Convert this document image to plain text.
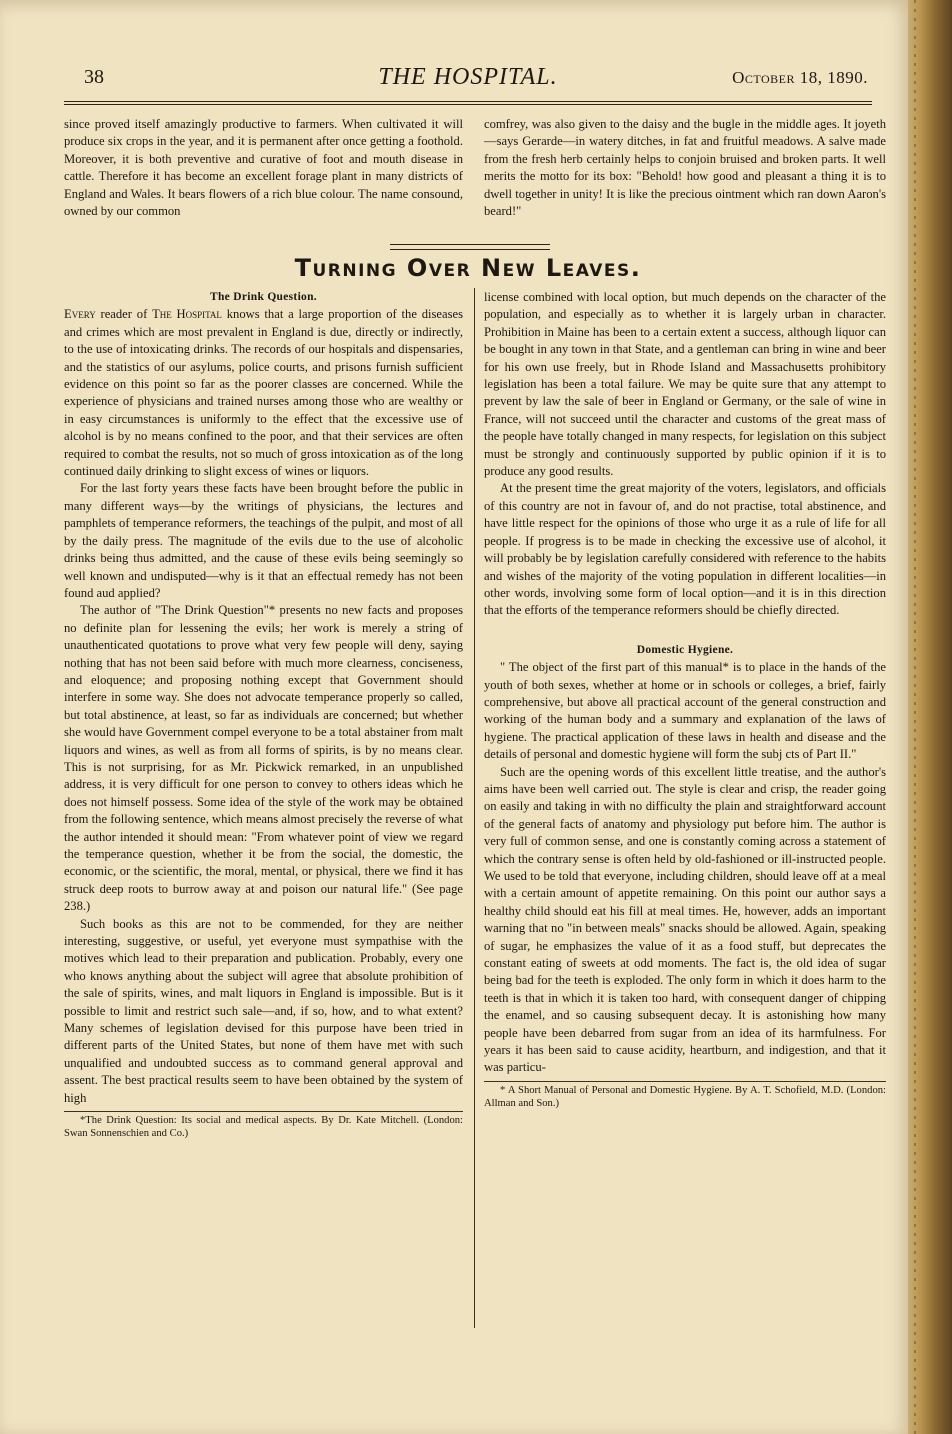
38	THE HOSPITAL.	October 18, 1890.

since proved itself amazingly productive to farmers. When cultivated it will produce six crops in the year, and it is permanent after once getting a foothold. Moreover, it is both preventive and curative of foot and mouth disease in cattle. Therefore it has become an excellent forage plant in many districts of England and Wales. It bears flowers of a rich blue colour. The name consound, owned by our common

comfrey, was also given to the daisy and the bugle in the middle ages. It joyeth—says Gerarde—in watery ditches, in fat and fruitful meadows. A salve made from the fresh herb certainly helps to conjoin bruised and broken parts. It well merits the motto for its box: "Behold! how good and pleasant a thing it is to dwell together in unity! It is like the precious ointment which ran down Aaron's beard!"

Turning Over New Leaves.

The Drink Question.

Every reader of The Hospital knows that a large proportion of the diseases and crimes which are most prevalent in England is due, directly or indirectly, to the use of intoxicating drinks. The records of our hospitals and dispensaries, and the statistics of our asylums, police courts, and prisons furnish sufficient evidence on this point so far as the poorer classes are concerned. While the experience of physicians and trained nurses among those who are wealthy or in easy circumstances is uniformly to the effect that the excessive use of alcohol is by no means confined to the poor, and that their services are often required to combat the results, not so much of gross intoxication as of the long continued daily drinking to slight excess of wines or liquors.

For the last forty years these facts have been brought before the public in many different ways—by the writings of physicians, the lectures and pamphlets of temperance reformers, the teachings of the pulpit, and most of all by the daily press. The magnitude of the evils due to the use of alcoholic drinks being thus admitted, and the cause of these evils being seemingly so well known and undisputed—why is it that an effectual remedy has not been found aud applied?

The author of "The Drink Question"* presents no new facts and proposes no definite plan for lessening the evils; her work is merely a string of unauthenticated quotations to prove what very few people will deny, saying nothing that has not been said before with much more clearness, conciseness, and eloquence; and proposing nothing except that Government should interfere in some way. She does not advocate temperance properly so called, but total abstinence, at least, so far as individuals are concerned; but whether she would have Government compel everyone to be a total abstainer from malt liquors and wines, as well as from all forms of spirits, is by no means clear. This is not surprising, for as Mr. Pickwick remarked, in an unpublished address, it is very difficult for one person to convey to others ideas which he does not himself possess. Some idea of the style of the work may be obtained from the following sentence, which means almost precisely the reverse of what the author intended it should mean: "From whatever point of view we regard the temperance question, whether it be from the social, the domestic, the economic, or the scientific, the moral, mental, or physical, there we find it has struck deep roots to burrow away at and poison our natural life." (See page 238.)

Such books as this are not to be commended, for they are neither interesting, suggestive, or useful, yet everyone must sympathise with the motives which lead to their preparation and publication. Probably, every one who knows anything about the subject will agree that absolute prohibition of the sale of spirits, wines, and malt liquors in England is impossible. But is it possible to limit and restrict such sale—and, if so, how, and to what extent? Many schemes of legislation devised for this purpose have been tried in different parts of the United States, but none of them have met with such unqualified and undoubted success as to command general approval and assent. The best practical results seem to have been obtained by the system of high

*The Drink Question: Its social and medical aspects. By Dr. Kate Mitchell. (London: Swan Sonnenschien and Co.)

license combined with local option, but much depends on the character of the population, and especially as to whether it is largely urban in character. Prohibition in Maine has been to a certain extent a success, although liquor can be bought in any town in that State, and a gentleman can bring in wine and beer for his own use freely, but in Rhode Island and Massachusetts prohibitory legislation has been a total failure. We may be quite sure that any attempt to prevent by law the sale of beer in England or Germany, or the sale of wine in France, will not succeed until the character and customs of the great mass of the people have totally changed in many respects, for legislation on this subject must be strongly and continuously supported by public opinion if it is to produce any good results.

At the present time the great majority of the voters, legislators, and officials of this country are not in favour of, and do not practise, total abstinence, and have little respect for the opinions of those who urge it as a rule of life for all people. If progress is to be made in checking the excessive use of alcohol, it will probably be by legislation carefully considered with reference to the habits and wishes of the majority of the voting population in different localities—in other words, involving some form of local option—and it is in this direction that the efforts of the temperance reformers should be chiefly directed.

Domestic Hygiene.

" The object of the first part of this manual* is to place in the hands of the youth of both sexes, whether at home or in schools or colleges, a brief, fairly comprehensive, but above all practical account of the general construction and working of the human body and a summary and explanation of the laws of hygiene. The practical application of these laws in health and disease and the details of personal and domestic hygiene will form the subj cts of Part II."

Such are the opening words of this excellent little treatise, and the author's aims have been well carried out. The style is clear and crisp, the reader going on easily and taking in with no difficulty the plain and straightforward account of the general facts of anatomy and physiology put before him. The author is very full of common sense, and one is constantly coming across a statement of which the contrary sense is often held by old-fashioned or ill-instructed people. We used to be told that everyone, including children, should leave off at a meal with a certain amount of appetite remaining. On this point our author says a healthy child should eat his fill at meal times. He, however, adds an important warning that no "in between meals" snacks should be allowed. Again, speaking of sugar, he emphasizes the value of it as a food stuff, but deprecates the constant eating of sweets at odd moments. The fact is, the old idea of sugar being bad for the teeth is exploded. The only form in which it does harm to the teeth is that in which it is taken too hard, with consequent danger of chipping the enamel, and so causing subsequent decay. It is astonishing how many people have been debarred from sugar from an idea of its harmfulness. For years it has been said to cause acidity, heartburn, and indigestion, and that it was particu-

* A Short Manual of Personal and Domestic Hygiene. By A. T. Schofield, M.D. (London: Allman and Son.)
